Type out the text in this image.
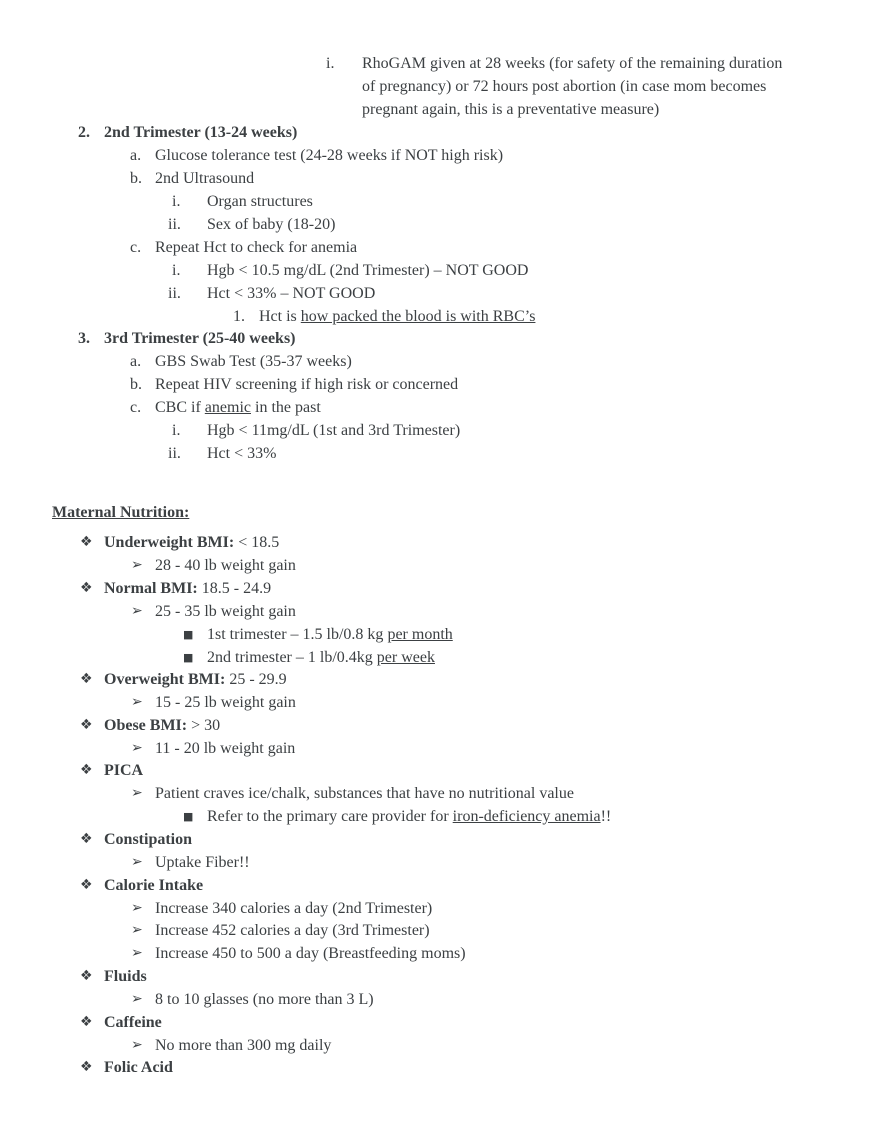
i. RhoGAM given at 28 weeks (for safety of the remaining duration
of pregnancy) or 72 hours post abortion (in case mom becomes
pregnant again, this is a preventative measure)
2. 2nd Trimester (13-24 weeks)
a. Glucose tolerance test (24-28 weeks if NOT high risk)
b. 2nd Ultrasound
i. Organ structures
ii. Sex of baby (18-20)
c. Repeat Hct to check for anemia
i. Hgb < 10.5 mg/dL (2nd Trimester) – NOT GOOD
ii. Hct < 33% – NOT GOOD
1. Hct is how packed the blood is with RBC’s
3. 3rd Trimester (25-40 weeks)
a. GBS Swab Test (35-37 weeks)
b. Repeat HIV screening if high risk or concerned
c. CBC if anemic in the past
i. Hgb < 11mg/dL (1st and 3rd Trimester)
ii. Hct < 33%
Maternal Nutrition:
❖ Underweight BMI: < 18.5
➢ 28 - 40 lb weight gain
❖ Normal BMI: 18.5 - 24.9
➢ 25 - 35 lb weight gain
■ 1st trimester – 1.5 lb/0.8 kg per month
■ 2nd trimester – 1 lb/0.4kg per week
❖ Overweight BMI: 25 - 29.9
➢ 15 - 25 lb weight gain
❖ Obese BMI: > 30
➢ 11 - 20 lb weight gain
❖ PICA
➢ Patient craves ice/chalk, substances that have no nutritional value
■ Refer to the primary care provider for iron-deficiency anemia!!
❖ Constipation
➢ Uptake Fiber!!
❖ Calorie Intake
➢ Increase 340 calories a day (2nd Trimester)
➢ Increase 452 calories a day (3rd Trimester)
➢ Increase 450 to 500 a day (Breastfeeding moms)
❖ Fluids
➢ 8 to 10 glasses (no more than 3 L)
❖ Caffeine
➢ No more than 300 mg daily
❖ Folic Acid
